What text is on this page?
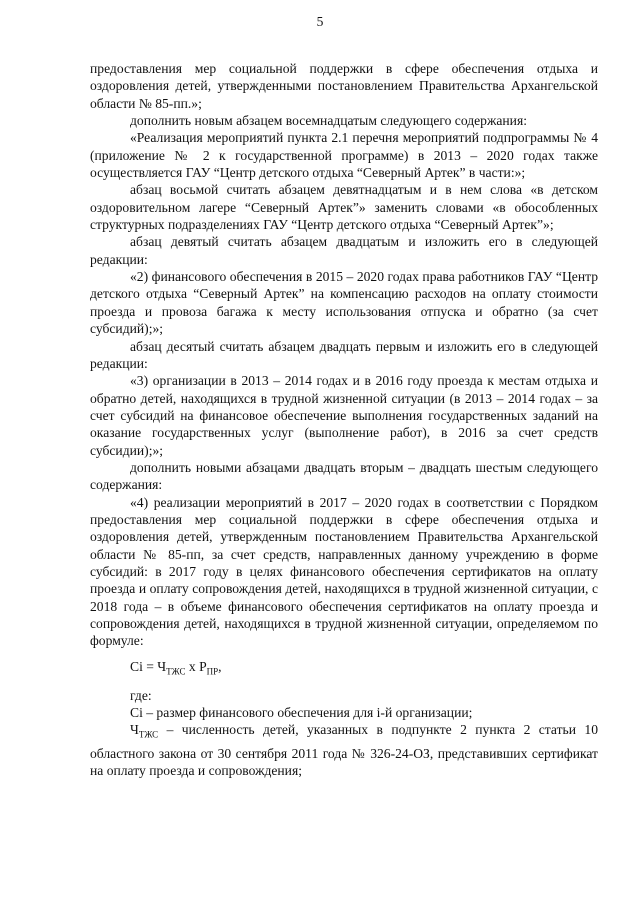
5

предоставления мер социальной поддержки в сфере обеспечения отдыха и оздоровления детей, утвержденными постановлением Правительства Архангельской области № 85-пп.»;

дополнить новым абзацем восемнадцатым следующего содержания:

«Реализация мероприятий пункта 2.1 перечня мероприятий подпрограммы № 4 (приложение № 2 к государственной программе) в 2013 – 2020 годах также осуществляется ГАУ “Центр детского отдыха “Северный Артек” в части:»;

абзац восьмой считать абзацем девятнадцатым и в нем слова «в детском оздоровительном лагере “Северный Артек”» заменить словами «в обособленных структурных подразделениях ГАУ “Центр детского отдыха “Северный Артек”»;

абзац девятый считать абзацем двадцатым и изложить его в следующей редакции:

«2) финансового обеспечения в 2015 – 2020 годах права работников ГАУ “Центр детского отдыха “Северный Артек” на компенсацию расходов на оплату стоимости проезда и провоза багажа к месту использования отпуска и обратно (за счет субсидий);»;

абзац десятый считать абзацем двадцать первым и изложить его в следующей редакции:

«3) организации в 2013 – 2014 годах и в 2016 году проезда к местам отдыха и обратно детей, находящихся в трудной жизненной ситуации (в 2013 – 2014 годах – за счет субсидий на финансовое обеспечение выполнения государственных заданий на оказание государственных услуг (выполнение работ), в 2016 за счет средств субсидии);»;

дополнить новыми абзацами двадцать вторым – двадцать шестым следующего содержания:

«4) реализации мероприятий в 2017 – 2020 годах в соответствии с Порядком предоставления мер социальной поддержки в сфере обеспечения отдыха и оздоровления детей, утвержденным постановлением Правительства Архангельской области № 85-пп, за счет средств, направленных данному учреждению в форме субсидий: в 2017 году в целях финансового обеспечения сертификатов на оплату проезда и оплату сопровождения детей, находящихся в трудной жизненной ситуации, с 2018 года – в объеме финансового обеспечения сертификатов на оплату проезда и сопровождения детей, находящихся в трудной жизненной ситуации, определяемом по формуле:

$Ci = Ч_{ТЖС}$ x $Р_{ПР}$,

где:

Ci – размер финансового обеспечения для i-й организации;

$Ч_{ТЖС}$ – численность детей, указанных в подпункте 2 пункта 2 статьи 10 областного закона от 30 сентября 2011 года № 326-24-ОЗ, представивших сертификат на оплату проезда и сопровождения;
